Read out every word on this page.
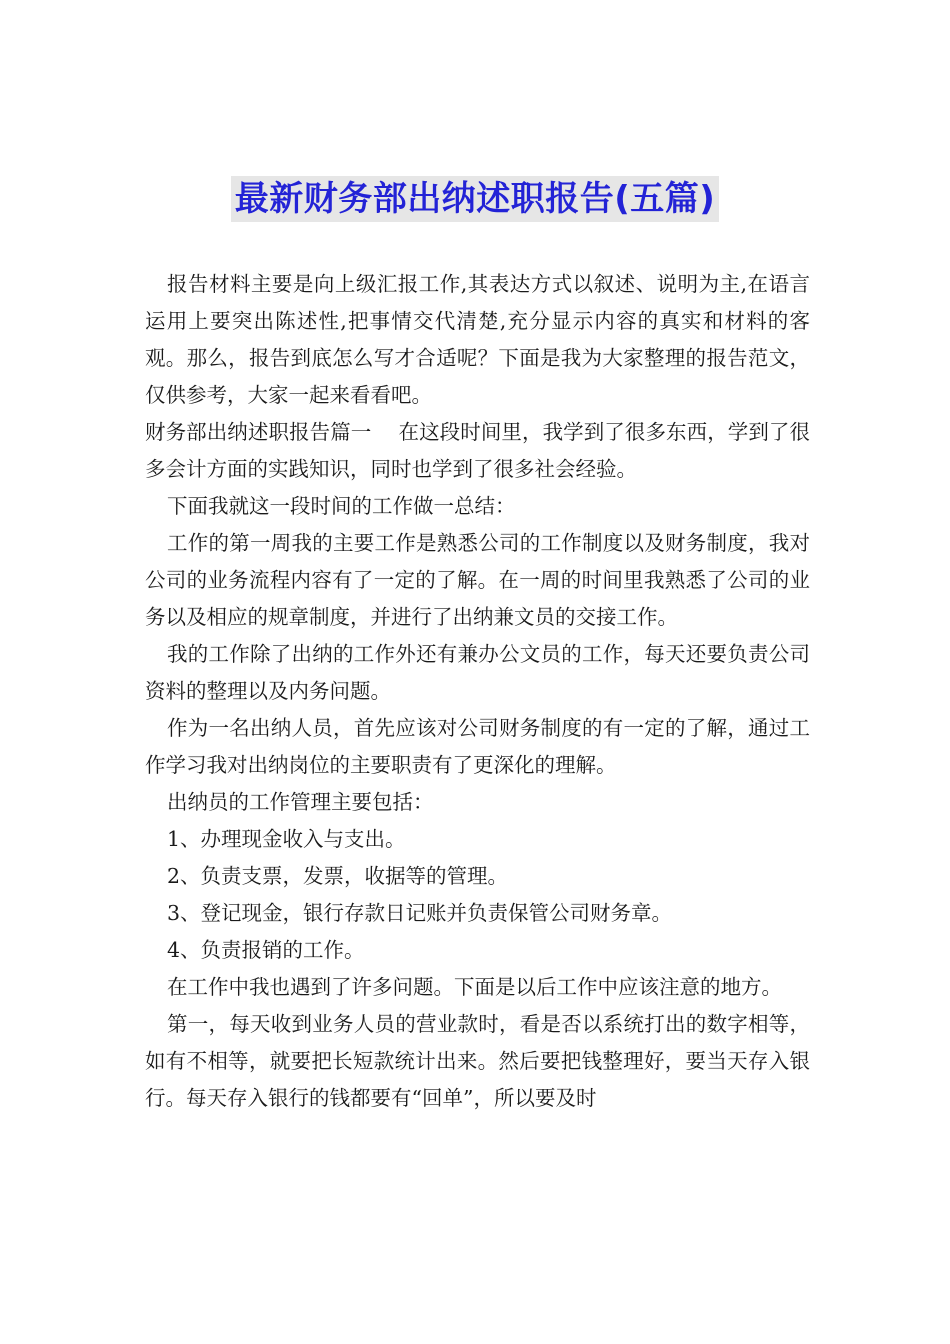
最新财务部出纳述职报告(五篇)

报告材料主要是向上级汇报工作,其表达方式以叙述、说明为主,在语言运用上要突出陈述性,把事情交代清楚,充分显示内容的真实和材料的客观。那么，报告到底怎么写才合适呢？下面是我为大家整理的报告范文，仅供参考，大家一起来看看吧。

财务部出纳述职报告篇一　 在这段时间里，我学到了很多东西，学到了很多会计方面的实践知识，同时也学到了很多社会经验。

下面我就这一段时间的工作做一总结：

工作的第一周我的主要工作是熟悉公司的工作制度以及财务制度，我对公司的业务流程内容有了一定的了解。在一周的时间里我熟悉了公司的业务以及相应的规章制度，并进行了出纳兼文员的交接工作。

我的工作除了出纳的工作外还有兼办公文员的工作，每天还要负责公司资料的整理以及内务问题。

作为一名出纳人员，首先应该对公司财务制度的有一定的了解，通过工作学习我对出纳岗位的主要职责有了更深化的理解。

出纳员的工作管理主要包括：

1、办理现金收入与支出。

2、负责支票，发票，收据等的管理。

3、登记现金，银行存款日记账并负责保管公司财务章。

4、负责报销的工作。

在工作中我也遇到了许多问题。下面是以后工作中应该注意的地方。

第一，每天收到业务人员的营业款时，看是否以系统打出的数字相等，如有不相等，就要把长短款统计出来。然后要把钱整理好，要当天存入银行。每天存入银行的钱都要有“回单”，所以要及时
